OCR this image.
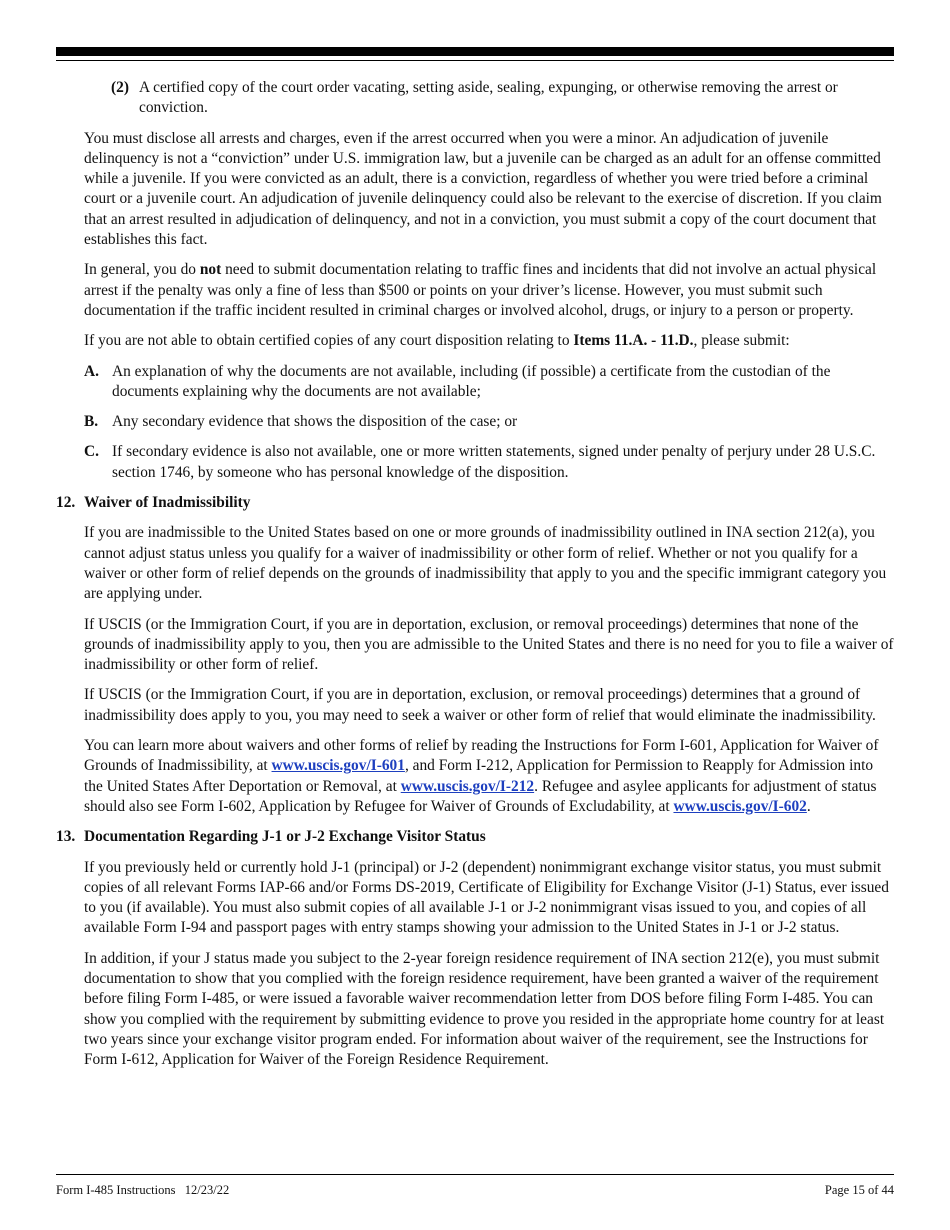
(2) A certified copy of the court order vacating, setting aside, sealing, expunging, or otherwise removing the arrest or conviction.

You must disclose all arrests and charges, even if the arrest occurred when you were a minor. An adjudication of juvenile delinquency is not a “conviction” under U.S. immigration law, but a juvenile can be charged as an adult for an offense committed while a juvenile. If you were convicted as an adult, there is a conviction, regardless of whether you were tried before a criminal court or a juvenile court. An adjudication of juvenile delinquency could also be relevant to the exercise of discretion. If you claim that an arrest resulted in adjudication of delinquency, and not in a conviction, you must submit a copy of the court document that establishes this fact.

In general, you do not need to submit documentation relating to traffic fines and incidents that did not involve an actual physical arrest if the penalty was only a fine of less than $500 or points on your driver’s license. However, you must submit such documentation if the traffic incident resulted in criminal charges or involved alcohol, drugs, or injury to a person or property.

If you are not able to obtain certified copies of any court disposition relating to Items 11.A. - 11.D., please submit:

A. An explanation of why the documents are not available, including (if possible) a certificate from the custodian of the documents explaining why the documents are not available;
B. Any secondary evidence that shows the disposition of the case; or
C. If secondary evidence is also not available, one or more written statements, signed under penalty of perjury under 28 U.S.C. section 1746, by someone who has personal knowledge of the disposition.
12. Waiver of Inadmissibility

If you are inadmissible to the United States based on one or more grounds of inadmissibility outlined in INA section 212(a), you cannot adjust status unless you qualify for a waiver of inadmissibility or other form of relief. Whether or not you qualify for a waiver or other form of relief depends on the grounds of inadmissibility that apply to you and the specific immigrant category you are applying under.

If USCIS (or the Immigration Court, if you are in deportation, exclusion, or removal proceedings) determines that none of the grounds of inadmissibility apply to you, then you are admissible to the United States and there is no need for you to file a waiver of inadmissibility or other form of relief.

If USCIS (or the Immigration Court, if you are in deportation, exclusion, or removal proceedings) determines that a ground of inadmissibility does apply to you, you may need to seek a waiver or other form of relief that would eliminate the inadmissibility.

You can learn more about waivers and other forms of relief by reading the Instructions for Form I-601, Application for Waiver of Grounds of Inadmissibility, at www.uscis.gov/I-601, and Form I-212, Application for Permission to Reapply for Admission into the United States After Deportation or Removal, at www.uscis.gov/I-212. Refugee and asylee applicants for adjustment of status should also see Form I-602, Application by Refugee for Waiver of Grounds of Excludability, at www.uscis.gov/I-602.

13. Documentation Regarding J-1 or J-2 Exchange Visitor Status

If you previously held or currently hold J-1 (principal) or J-2 (dependent) nonimmigrant exchange visitor status, you must submit copies of all relevant Forms IAP-66 and/or Forms DS-2019, Certificate of Eligibility for Exchange Visitor (J-1) Status, ever issued to you (if available). You must also submit copies of all available J-1 or J-2 nonimmigrant visas issued to you, and copies of all available Form I-94 and passport pages with entry stamps showing your admission to the United States in J-1 or J-2 status.

In addition, if your J status made you subject to the 2-year foreign residence requirement of INA section 212(e), you must submit documentation to show that you complied with the foreign residence requirement, have been granted a waiver of the requirement before filing Form I-485, or were issued a favorable waiver recommendation letter from DOS before filing Form I-485. You can show you complied with the requirement by submitting evidence to prove you resided in the appropriate home country for at least two years since your exchange visitor program ended. For information about waiver of the requirement, see the Instructions for Form I-612, Application for Waiver of the Foreign Residence Requirement.

Form I-485 Instructions   12/23/22	Page 15 of 44
